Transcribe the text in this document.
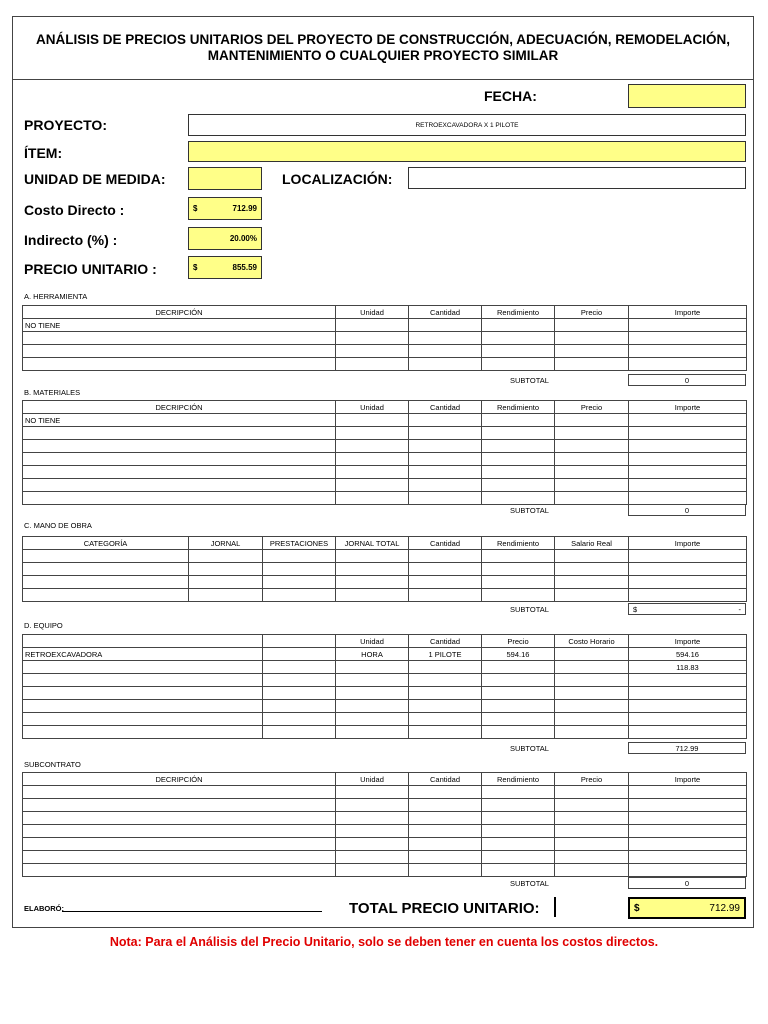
ANÁLISIS DE PRECIOS UNITARIOS DEL PROYECTO DE CONSTRUCCIÓN, ADECUACIÓN, REMODELACIÓN, MANTENIMIENTO O CUALQUIER PROYECTO SIMILAR
FECHA:
PROYECTO:	RETROEXCAVADORA X 1 PILOTE
ÍTEM:
UNIDAD DE MEDIDA:	LOCALIZACIÓN:
Costo Directo :	$	712.99
Indirecto (%) :	20.00%
PRECIO UNITARIO :	$	855.59
A. HERRAMIENTA
DECRIPCIÓN	Unidad	Cantidad	Rendimiento	Precio	Importe
NO TIENE					

SUBTOTAL	0
B. MATERIALES
DECRIPCIÓN	Unidad	Cantidad	Rendimiento	Precio	Importe
NO TIENE					

SUBTOTAL	0
C. MANO DE OBRA
CATEGORÍA	JORNAL	PRESTACIONES	JORNAL TOTAL	Cantidad	Rendimiento	Salario Real	Importe

SUBTOTAL	$	-
D. EQUIPO
		Unidad	Cantidad	Precio	Costo Horario	Importe
RETROEXCAVADORA		HORA	1 PILOTE	594.16		594.16
						118.83

SUBTOTAL	712.99
SUBCONTRATO
DECRIPCIÓN	Unidad	Cantidad	Rendimiento	Precio	Importe

SUBTOTAL	0
ELABORÓ:	TOTAL PRECIO UNITARIO:	$	712.99
Nota: Para el Análisis del Precio Unitario, solo se deben tener en cuenta los costos directos.
